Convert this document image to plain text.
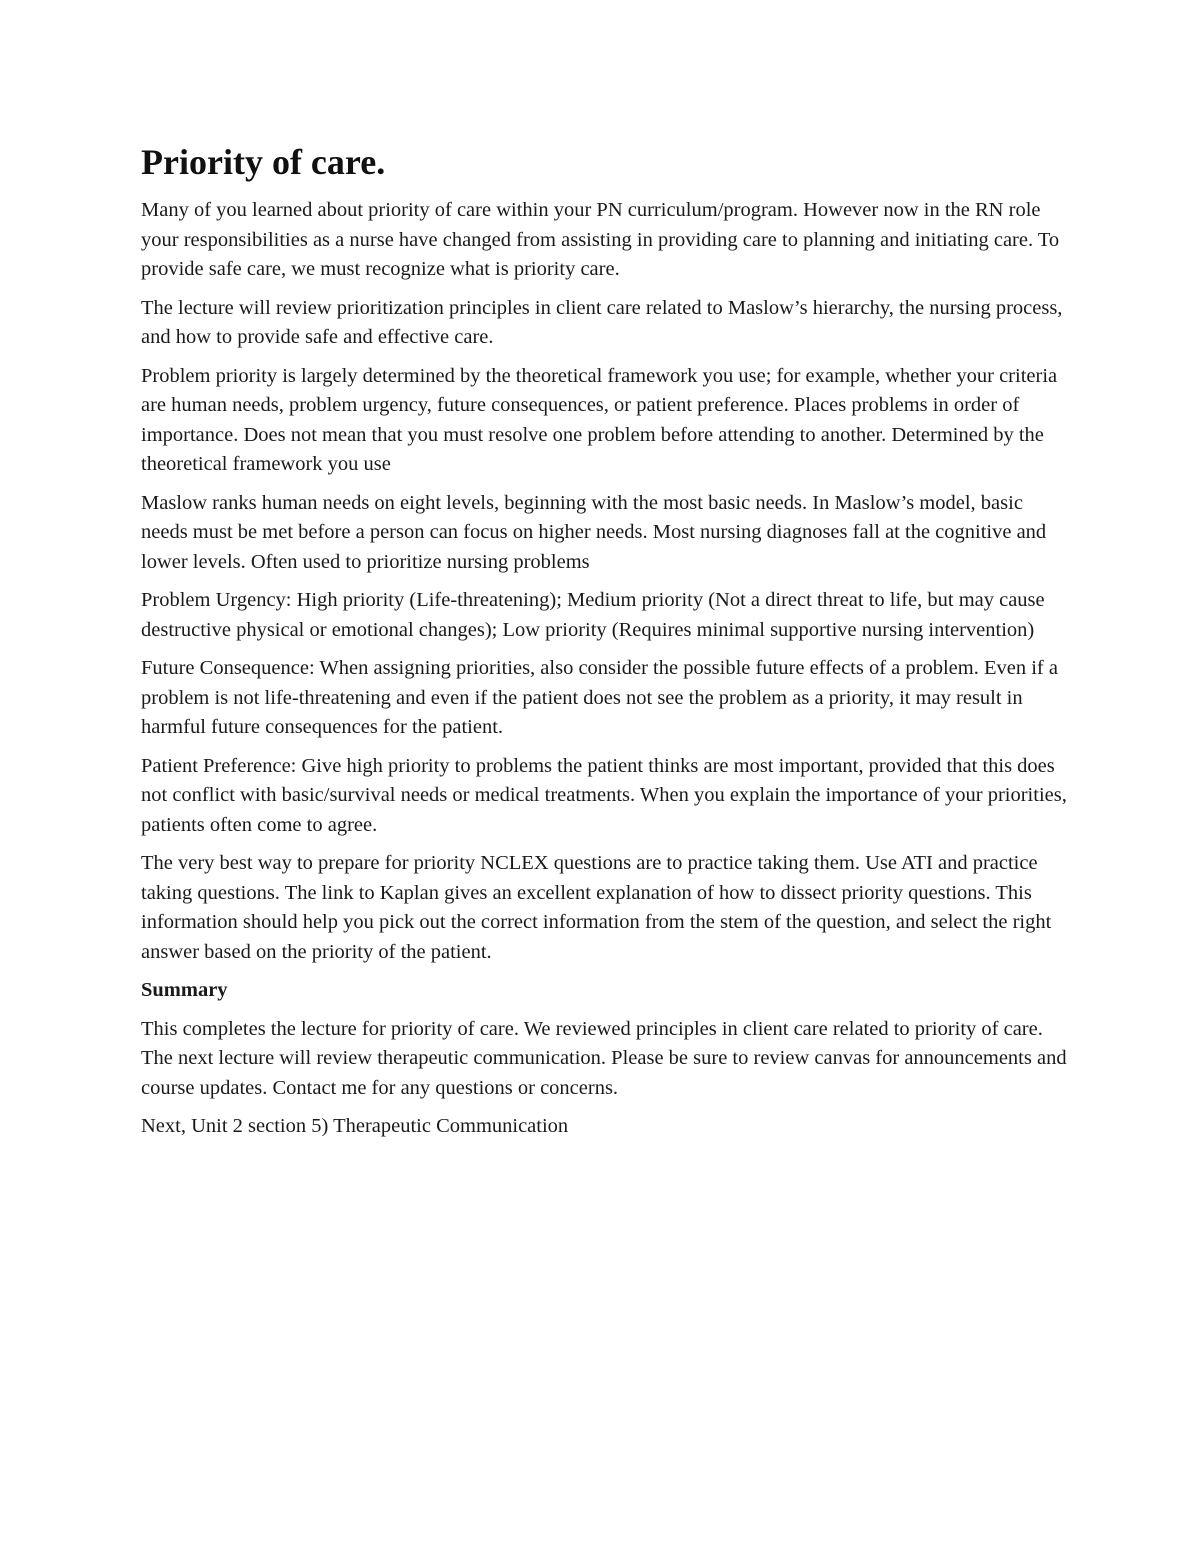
Priority of care.

Many of you learned about priority of care within your PN curriculum/program. However now in the RN role your responsibilities as a nurse have changed from assisting in providing care to planning and initiating care. To provide safe care, we must recognize what is priority care.

The lecture will review prioritization principles in client care related to Maslow’s hierarchy, the nursing process, and how to provide safe and effective care.

Problem priority is largely determined by the theoretical framework you use; for example, whether your criteria are human needs, problem urgency, future consequences, or patient preference. Places problems in order of importance. Does not mean that you must resolve one problem before attending to another. Determined by the theoretical framework you use

Maslow ranks human needs on eight levels, beginning with the most basic needs. In Maslow’s model, basic needs must be met before a person can focus on higher needs. Most nursing diagnoses fall at the cognitive and lower levels. Often used to prioritize nursing problems

Problem Urgency: High priority (Life-threatening); Medium priority (Not a direct threat to life, but may cause destructive physical or emotional changes); Low priority (Requires minimal supportive nursing intervention)

Future Consequence: When assigning priorities, also consider the possible future effects of a problem. Even if a problem is not life-threatening and even if the patient does not see the problem as a priority, it may result in harmful future consequences for the patient.

Patient Preference: Give high priority to problems the patient thinks are most important, provided that this does not conflict with basic/survival needs or medical treatments. When you explain the importance of your priorities, patients often come to agree.

The very best way to prepare for priority NCLEX questions are to practice taking them. Use ATI and practice taking questions. The link to Kaplan gives an excellent explanation of how to dissect priority questions. This information should help you pick out the correct information from the stem of the question, and select the right answer based on the priority of the patient.

Summary

This completes the lecture for priority of care. We reviewed principles in client care related to priority of care. The next lecture will review therapeutic communication. Please be sure to review canvas for announcements and course updates. Contact me for any questions or concerns.

Next, Unit 2 section 5) Therapeutic Communication
